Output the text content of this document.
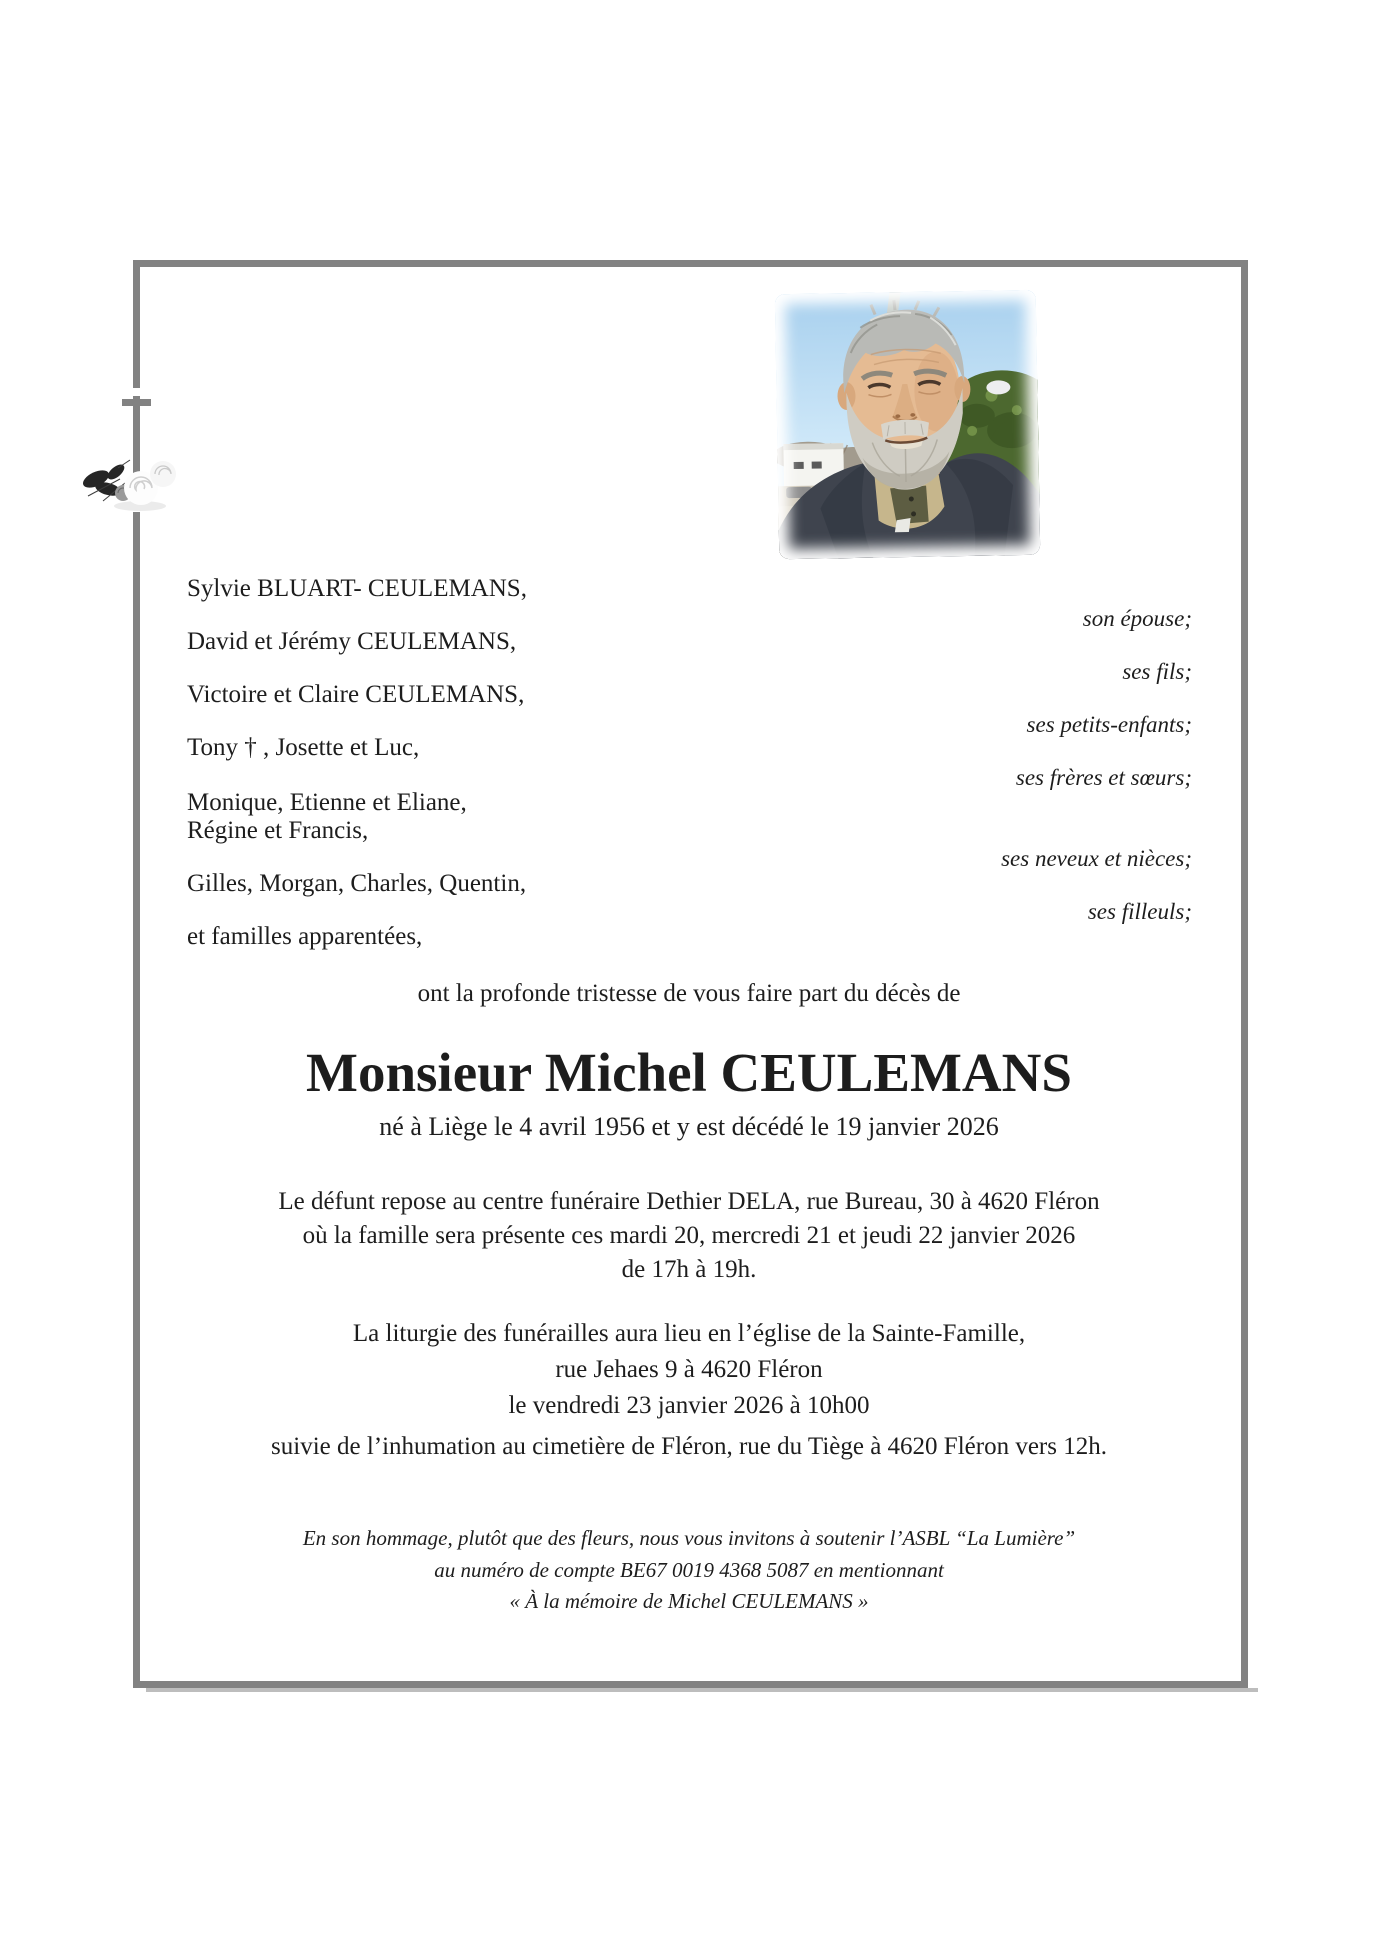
Sylvie BLUART- CEULEMANS,
David et Jérémy CEULEMANS,
Victoire et Claire CEULEMANS,
Tony † , Josette et Luc,
Monique, Etienne et Eliane,
Régine et Francis,
Gilles, Morgan, Charles, Quentin,
et familles apparentées,
son épouse;
ses fils;
ses petits-enfants;
ses frères et sœurs;
ses neveux et nièces;
ses filleuls;
ont la profonde tristesse de vous faire part du décès de
Monsieur Michel CEULEMANS
né à Liège le 4 avril 1956 et y est décédé le 19 janvier 2026
Le défunt repose au centre funéraire Dethier DELA, rue Bureau, 30 à 4620 Fléron
où la famille sera présente ces mardi 20, mercredi 21 et jeudi 22 janvier 2026
de 17h à 19h.
La liturgie des funérailles aura lieu en l’église de la Sainte-Famille,
rue Jehaes 9 à 4620 Fléron
le vendredi 23 janvier 2026 à 10h00
suivie de l’inhumation au cimetière de Fléron, rue du Tiège à 4620 Fléron vers 12h.
En son hommage, plutôt que des fleurs, nous vous invitons à soutenir l’ASBL “La Lumière”
au numéro de compte BE67 0019 4368 5087 en mentionnant
« À la mémoire de Michel CEULEMANS »
